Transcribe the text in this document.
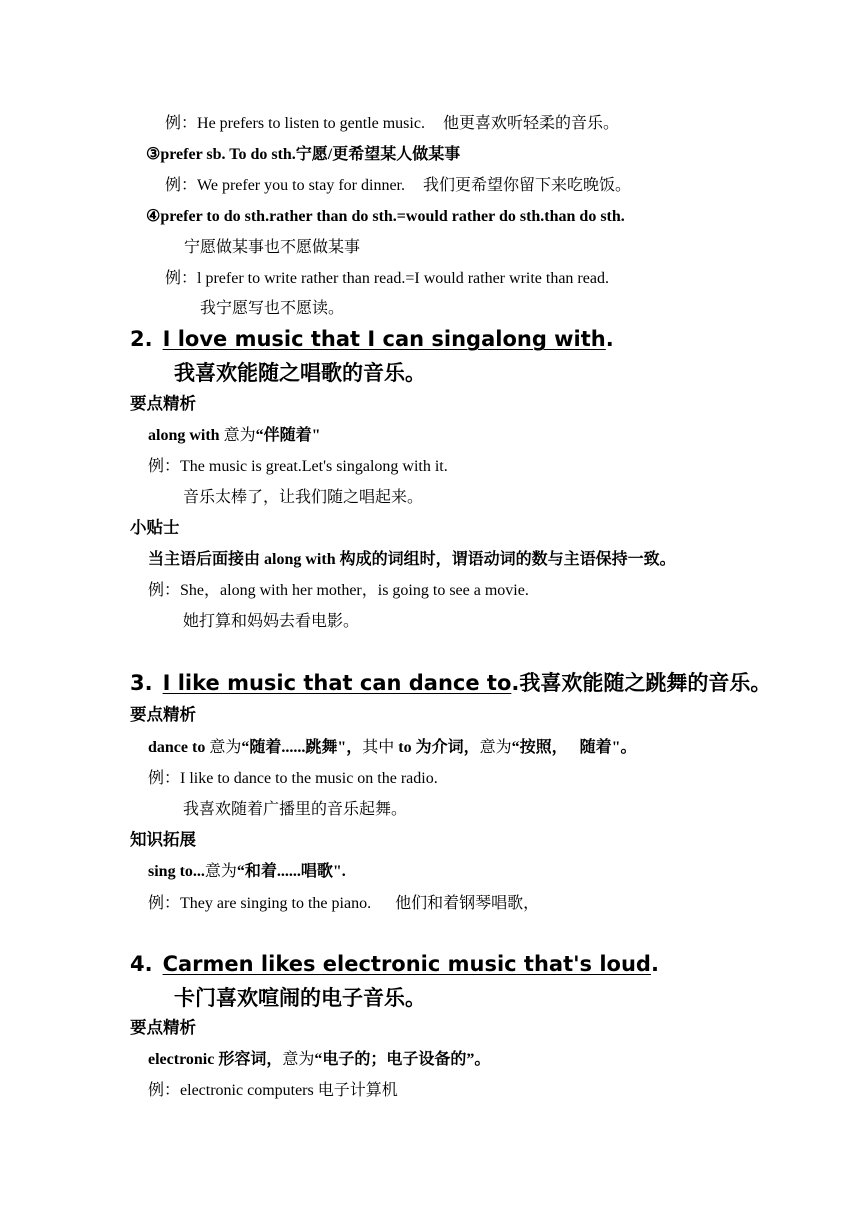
例：He prefers to listen to gentle music. 他更喜欢听轻柔的音乐。
③prefer sb. To do sth.宁愿/更希望某人做某事
例：We prefer you to stay for dinner. 我们更希望你留下来吃晚饭。
④prefer to do sth.rather than do sth.=would rather do sth.than do sth.
宁愿做某事也不愿做某事
例：l prefer to write rather than read.=I would rather write than read.
我宁愿写也不愿读。
2. I love music that I can singalong with.
我喜欢能随之唱歌的音乐。
要点精析
along with 意为“伴随着"
例：The music is great.Let's singalong with it.
音乐太棒了，让我们随之唱起来。
小贴士
当主语后面接由 along with 构成的词组时，谓语动词的数与主语保持一致。
例：She，along with her mother，is going to see a movie.
她打算和妈妈去看电影。
3. I like music that can dance to.我喜欢能随之跳舞的音乐。
要点精析
dance to 意为“随着......跳舞"，其中 to 为介词，意为“按照， 随着"。
例：I like to dance to the music on the radio.
我喜欢随着广播里的音乐起舞。
知识拓展
sing to...意为“和着......唱歌".
例：They are singing to the piano. 他们和着钢琴唱歌，
4. Carmen likes electronic music that's loud.
卡门喜欢喧闹的电子音乐。
要点精析
electronic 形容词，意为“电子的；电子设备的”。
例：electronic computers 电子计算机
